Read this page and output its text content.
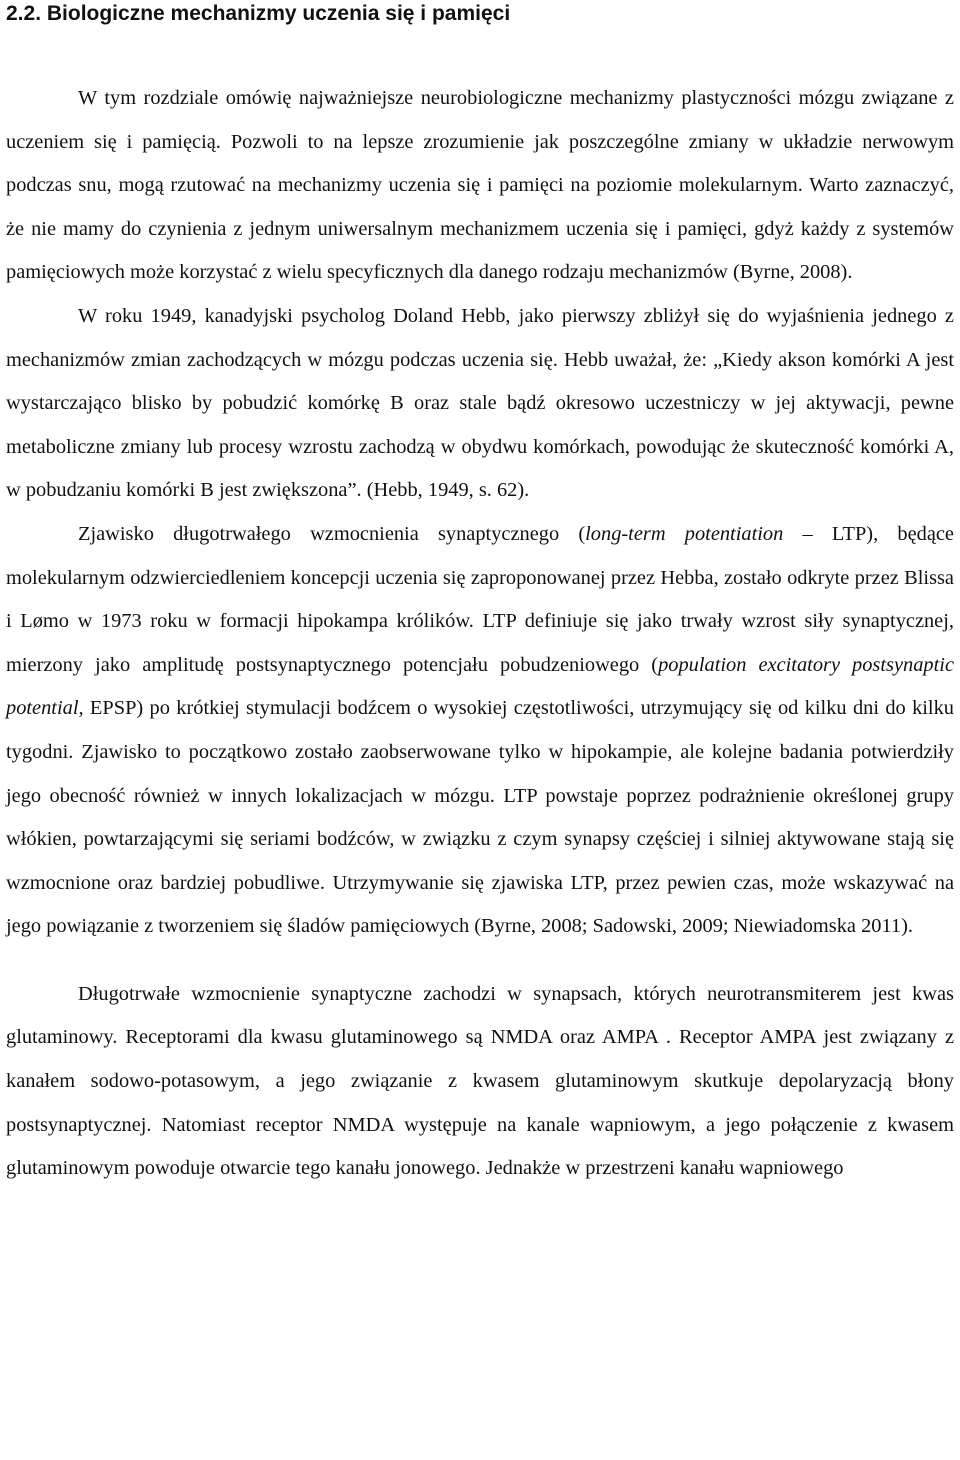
2.2. Biologiczne mechanizmy uczenia się i pamięci

W tym rozdziale omówię najważniejsze neurobiologiczne mechanizmy plastyczności mózgu związane z uczeniem się i pamięcią. Pozwoli to na lepsze zrozumienie jak poszczególne zmiany w układzie nerwowym podczas snu, mogą rzutować na mechanizmy uczenia się i pamięci na poziomie molekularnym. Warto zaznaczyć, że nie mamy do czynienia z jednym uniwersalnym mechanizmem uczenia się i pamięci, gdyż każdy z systemów pamięciowych może korzystać z wielu specyficznych dla danego rodzaju mechanizmów (Byrne, 2008).

W roku 1949, kanadyjski psycholog Doland Hebb, jako pierwszy zbliżył się do wyjaśnienia jednego z mechanizmów zmian zachodzących w mózgu podczas uczenia się. Hebb uważał, że: „Kiedy akson komórki A jest wystarczająco blisko by pobudzić komórkę B oraz stale bądź okresowo uczestniczy w jej aktywacji, pewne metaboliczne zmiany lub procesy wzrostu zachodzą w obydwu komórkach, powodując że skuteczność komórki A, w pobudzaniu komórki B jest zwiększona”. (Hebb, 1949, s. 62).

Zjawisko długotrwałego wzmocnienia synaptycznego (long-term potentiation – LTP), będące molekularnym odzwierciedleniem koncepcji uczenia się zaproponowanej przez Hebba, zostało odkryte przez Blissa i Lømo w 1973 roku w formacji hipokampa królików. LTP definiuje się jako trwały wzrost siły synaptycznej, mierzony jako amplitudę postsynaptycznego potencjału pobudzeniowego (population excitatory postsynaptic potential, EPSP) po krótkiej stymulacji bodźcem o wysokiej częstotliwości, utrzymujący się od kilku dni do kilku tygodni. Zjawisko to początkowo zostało zaobserwowane tylko w hipokampie, ale kolejne badania potwierdziły jego obecność również w innych lokalizacjach w mózgu. LTP powstaje poprzez podrażnienie określonej grupy włókien, powtarzającymi się seriami bodźców, w związku z czym synapsy częściej i silniej aktywowane stają się wzmocnione oraz bardziej pobudliwe. Utrzymywanie się zjawiska LTP, przez pewien czas, może wskazywać na jego powiązanie z tworzeniem się śladów pamięciowych (Byrne, 2008; Sadowski, 2009; Niewiadomska 2011).

Długotrwałe wzmocnienie synaptyczne zachodzi w synapsach, których neurotransmiterem jest kwas glutaminowy. Receptorami dla kwasu glutaminowego są NMDA oraz AMPA . Receptor AMPA jest związany z kanałem sodowo-potasowym, a jego związanie z kwasem glutaminowym skutkuje depolaryzacją błony postsynaptycznej. Natomiast receptor NMDA występuje na kanale wapniowym, a jego połączenie z kwasem glutaminowym powoduje otwarcie tego kanału jonowego. Jednakże w przestrzeni kanału wapniowego
